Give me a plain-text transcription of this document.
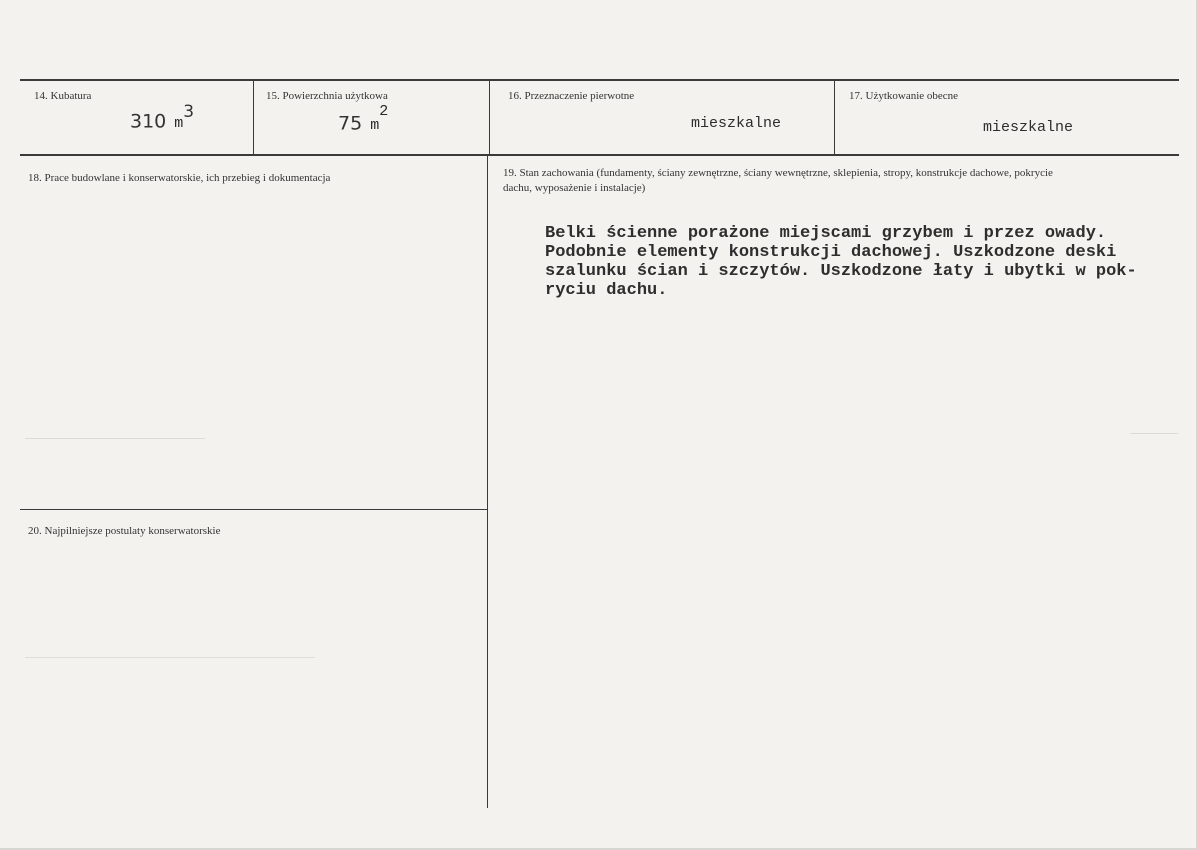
14. Kubatura
310 $m^3$
15. Powierzchnia użytkowa
75 $m^2$
16. Przeznaczenie pierwotne
mieszkalne
17. Użytkowanie obecne
mieszkalne
18. Prace budowlane i konserwatorskie, ich przebieg i dokumentacja	19. Stan zachowania (fundamenty, ściany zewnętrzne, ściany wewnętrzne, sklepienia, stropy, konstrukcje dachowe, pokrycie dachu, wyposażenie i instalacje)
Belki ścienne porażone miejscami grzybem i przez owady.
Podobnie elementy konstrukcji dachowej. Uszkodzone deski
szalunku ścian i szczytów. Uszkodzone łaty i ubytki w pok-
ryciu dachu.
20. Najpilniejsze postulaty konserwatorskie
